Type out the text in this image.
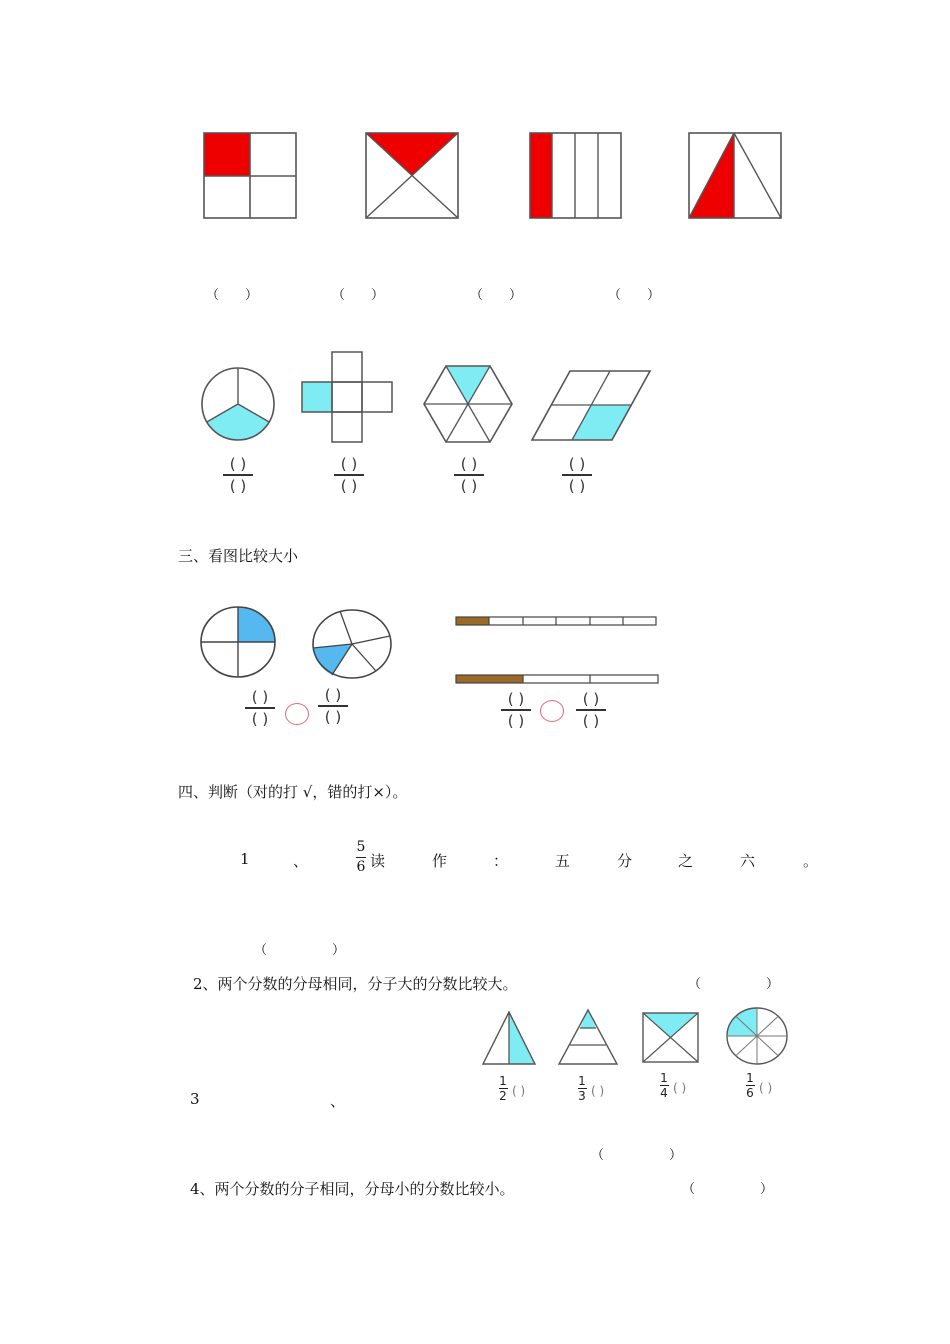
（　　）	（　　）	（　　）	（　　）
( )
( )
( )
( )
( )
( )
( )
( )
三、看图比较大小
( )
( )
( )
( )
( )
( )
( )
( )
四、判断（对的打 √，错的打×）。
1	、
5
6 读	作	：	五	分	之	六	。
（　　　　　）
2、两个分数的分母相同，分子大的分数比较大。	（　　　　　）
3	、
1
2 ( )
1
3 ( )
1
4 ( )
1
6 ( )
（　　　　　）
4、两个分数的分子相同，分母小的分数比较小。	（　　　　　）
